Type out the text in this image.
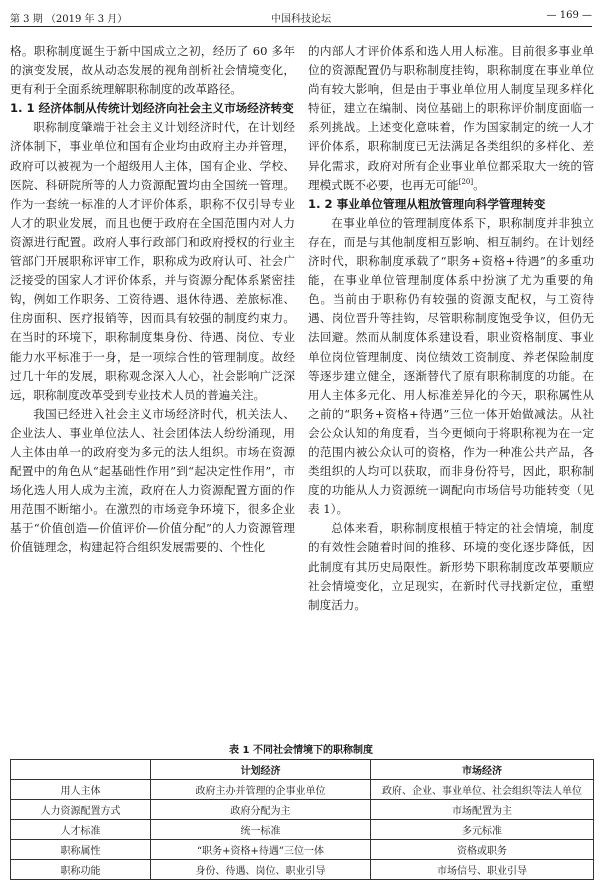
第 3 期 （2019 年 3 月）	中国科技论坛	— 169 —

格。职称制度诞生于新中国成立之初，经历了 60 多年的演变发展，故从动态发展的视角剖析社会情境变化，更有利于全面系统理解职称制度的改革路径。

1. 1 经济体制从传统计划经济向社会主义市场经济转变

职称制度肇端于社会主义计划经济时代，在计划经济体制下，事业单位和国有企业均由政府主办并管理，政府可以被视为一个超级用人主体，国有企业、学校、医院、科研院所等的人力资源配置均由全国统一管理。作为一套统一标准的人才评价体系，职称不仅引导专业人才的职业发展，而且也便于政府在全国范围内对人力资源进行配置。政府人事行政部门和政府授权的行业主管部门开展职称评审工作，职称成为政府认可、社会广泛接受的国家人才评价体系，并与资源分配体系紧密挂钩，例如工作职务、工资待遇、退休待遇、差旅标准、住房面积、医疗报销等，因而具有较强的制度约束力。在当时的环境下，职称制度集身份、待遇、岗位、专业能力水平标准于一身，是一项综合性的管理制度。故经过几十年的发展，职称观念深入人心，社会影响广泛深远，职称制度改革受到专业技术人员的普遍关注。

我国已经进入社会主义市场经济时代，机关法人、企业法人、事业单位法人、社会团体法人纷纷涌现，用人主体由单一的政府变为多元的法人组织。市场在资源配置中的角色从“起基础性作用”到“起决定性作用”，市场化选人用人成为主流，政府在人力资源配置方面的作用范围不断缩小。在激烈的市场竞争环境下，很多企业基于“价值创造—价值评价—价值分配”的人力资源管理价值链理念，构建起符合组织发展需要的、个性化

的内部人才评价体系和选人用人标准。目前很多事业单位的资源配置仍与职称制度挂钩，职称制度在事业单位尚有较大影响，但是由于事业单位用人制度呈现多样化特征，建立在编制、岗位基础上的职称评价制度面临一系列挑战。上述变化意味着，作为国家制定的统一人才评价体系，职称制度已无法满足各类组织的多样化、差异化需求，政府对所有企业事业单位都采取大一统的管理模式既不必要，也再无可能[20]。

1. 2 事业单位管理从粗放管理向科学管理转变

在事业单位的管理制度体系下，职称制度并非独立存在，而是与其他制度相互影响、相互制约。在计划经济时代，职称制度承载了“职务+资格+待遇”的多重功能，在事业单位管理制度体系中扮演了尤为重要的角色。当前由于职称仍有较强的资源支配权，与工资待遇、岗位晋升等挂钩，尽管职称制度饱受争议，但仍无法回避。然而从制度体系建设看，职业资格制度、事业单位岗位管理制度、岗位绩效工资制度、养老保险制度等逐步建立健全，逐渐替代了原有职称制度的功能。在用人主体多元化、用人标准差异化的今天，职称属性从之前的“职务+资格+待遇”三位一体开始做减法。从社会公众认知的角度看，当今更倾向于将职称视为在一定的范围内被公众认可的资格，作为一种准公共产品，各类组织的人均可以获取，而非身份符号，因此，职称制度的功能从人力资源统一调配向市场信号功能转变（见表 1）。

总体来看，职称制度根植于特定的社会情境，制度的有效性会随着时间的推移、环境的变化逐步降低，因此制度有其历史局限性。新形势下职称制度改革要顺应社会情境变化，立足现实，在新时代寻找新定位，重塑制度活力。

表 1 不同社会情境下的职称制度
	计划经济	市场经济
用人主体	政府主办并管理的企事业单位	政府、企业、事业单位、社会组织等法人单位
人力资源配置方式	政府分配为主	市场配置为主
人才标准	统一标准	多元标准
职称属性	“职务+资格+待遇”三位一体	资格或职务
职称功能	身份、待遇、岗位、职业引导	市场信号、职业引导
